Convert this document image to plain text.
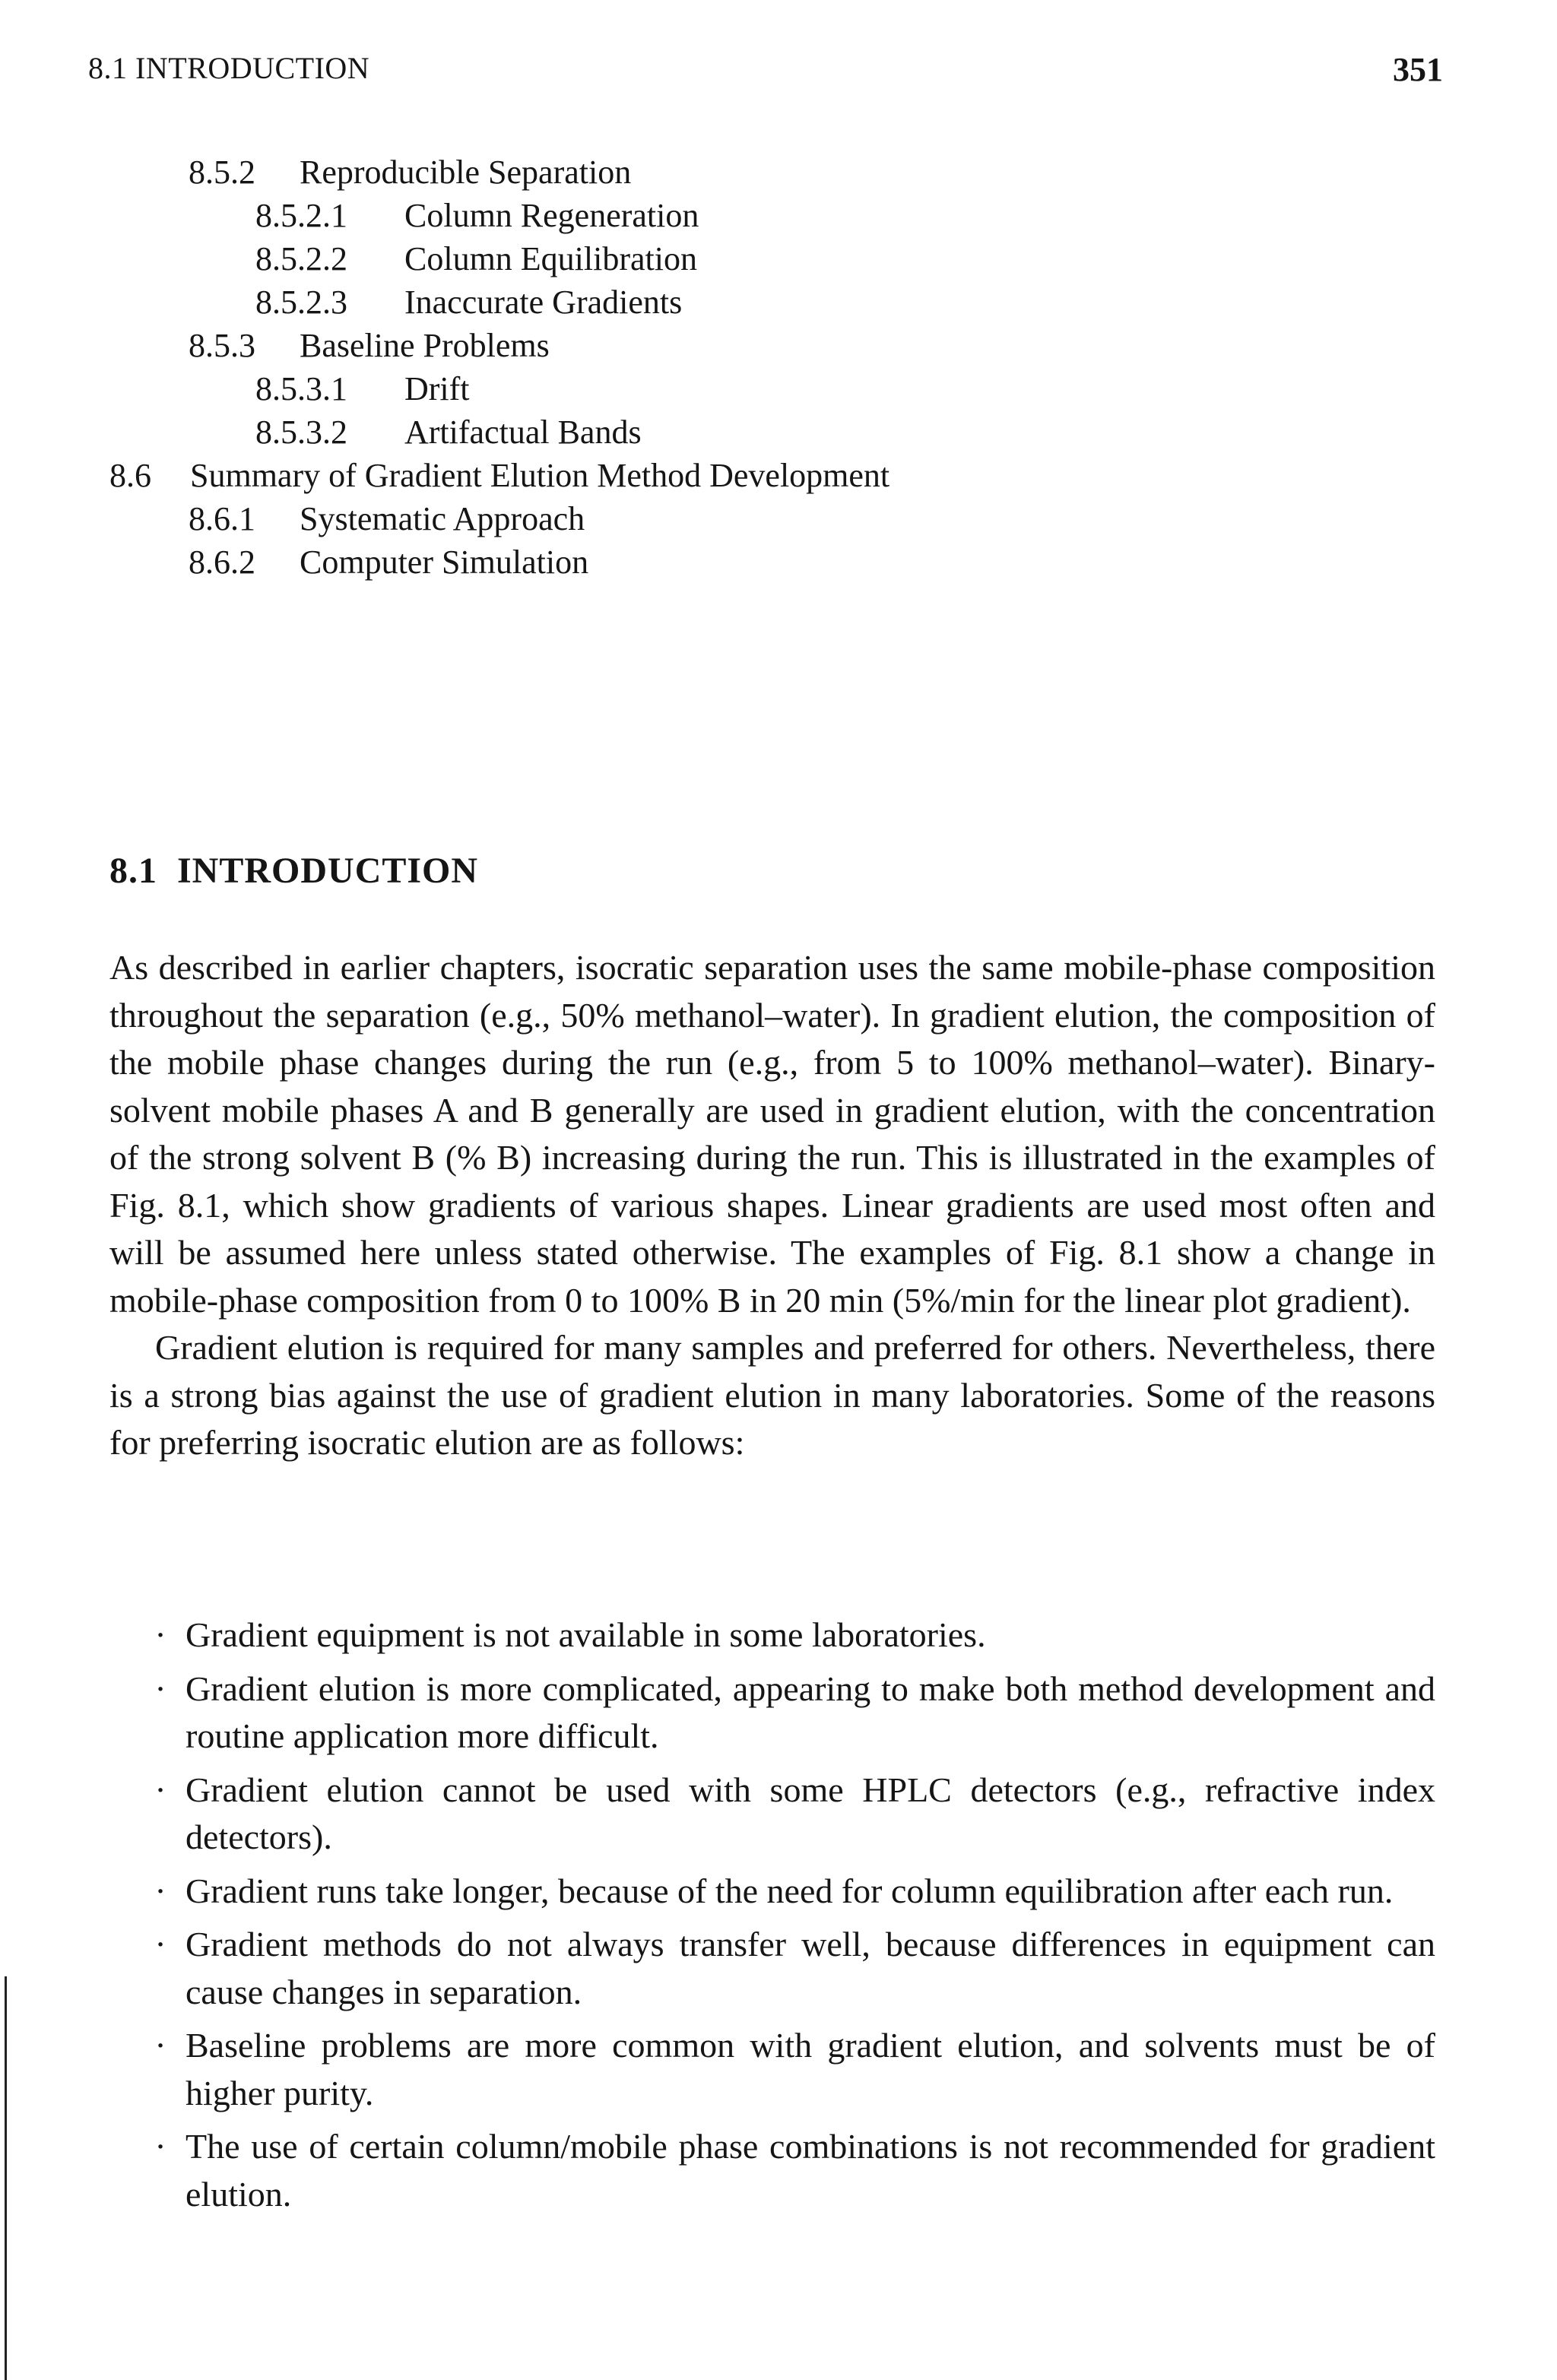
8.1 INTRODUCTION	351
8.5.2 Reproducible Separation
8.5.2.1 Column Regeneration
8.5.2.2 Column Equilibration
8.5.2.3 Inaccurate Gradients
8.5.3 Baseline Problems
8.5.3.1 Drift
8.5.3.2 Artifactual Bands
8.6 Summary of Gradient Elution Method Development
8.6.1 Systematic Approach
8.6.2 Computer Simulation
8.1 INTRODUCTION

As described in earlier chapters, isocratic separation uses the same mobile-phase composition throughout the separation (e.g., 50% methanol–water). In gradient elution, the composition of the mobile phase changes during the run (e.g., from 5 to 100% methanol–water). Binary-solvent mobile phases A and B generally are used in gradient elution, with the concentration of the strong solvent B (% B) increasing during the run. This is illustrated in the examples of Fig. 8.1, which show gradients of various shapes. Linear gradients are used most often and will be assumed here unless stated otherwise. The examples of Fig. 8.1 show a change in mobile-phase composition from 0 to 100% B in 20 min (5%/min for the linear plot gradient).

Gradient elution is required for many samples and preferred for others. Nevertheless, there is a strong bias against the use of gradient elution in many laboratories. Some of the reasons for preferring isocratic elution are as follows:

· Gradient equipment is not available in some laboratories.
· Gradient elution is more complicated, appearing to make both method development and routine application more difficult.
· Gradient elution cannot be used with some HPLC detectors (e.g., refractive index detectors).
· Gradient runs take longer, because of the need for column equilibration after each run.
· Gradient methods do not always transfer well, because differences in equipment can cause changes in separation.
· Baseline problems are more common with gradient elution, and solvents must be of higher purity.
· The use of certain column/mobile phase combinations is not recommended for gradient elution.
